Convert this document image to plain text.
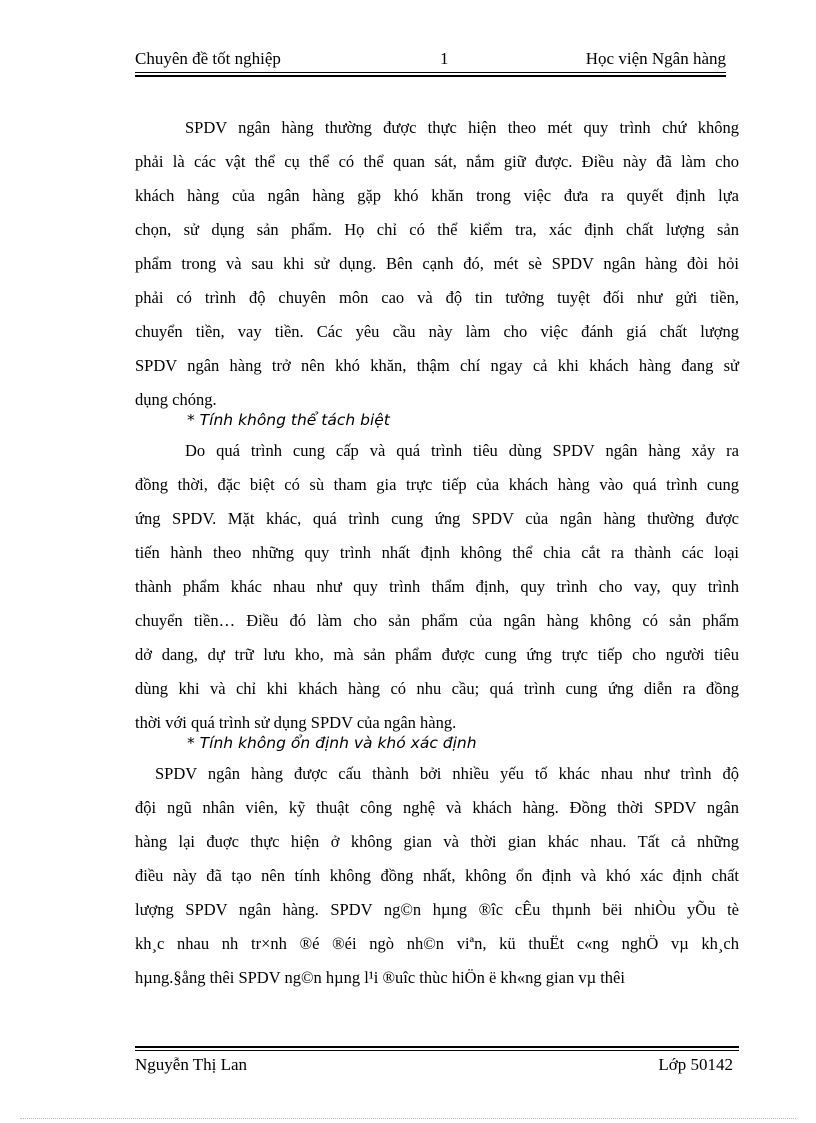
Chuyên đề tốt nghiệp	1	Học viện Ngân hàng
SPDV ngân hàng thường được thực hiện theo mét quy trình chứ không
phải là các vật thể cụ thể có thể quan sát, nắm giữ được. Điều này đã làm cho
khách hàng của ngân hàng gặp khó khăn trong việc đưa ra quyết định lựa
chọn, sử dụng sản phẩm. Họ chỉ có thể kiểm tra, xác định chất lượng sản
phẩm trong và sau khi sử dụng. Bên cạnh đó, mét sè SPDV ngân hàng đòi hỏi
phải có trình độ chuyên môn cao và độ tin tưởng tuyệt đối như gửi tiền,
chuyển tiền, vay tiền. Các yêu cầu này làm cho việc đánh giá chất lượng
SPDV ngân hàng trở nên khó khăn, thậm chí ngay cả khi khách hàng đang sử
dụng chóng.
* Tính không thể tách biệt
Do quá trình cung cấp và quá trình tiêu dùng SPDV ngân hàng xảy ra
đồng thời, đặc biệt có sù tham gia trực tiếp của khách hàng vào quá trình cung
ứng SPDV. Mặt khác, quá trình cung ứng SPDV của ngân hàng thường được
tiến hành theo những quy trình nhất định không thể chia cắt ra thành các loại
thành phẩm khác nhau như quy trình thẩm định, quy trình cho vay, quy trình
chuyển tiền… Điều đó làm cho sản phẩm của ngân hàng không có sản phẩm
dở dang, dự trữ lưu kho, mà sản phẩm được cung ứng trực tiếp cho người tiêu
dùng khi và chỉ khi khách hàng có nhu cầu; quá trình cung ứng diễn ra đồng
thời với quá trình sử dụng SPDV của ngân hàng.
* Tính không ổn định và khó xác định
SPDV ngân hàng được cấu thành bởi nhiều yếu tố khác nhau như trình độ
đội ngũ nhân viên, kỹ thuật công nghệ và khách hàng. Đồng thời SPDV ngân
hàng lại đuợc thực hiện ở không gian và thời gian khác nhau. Tất cả những
điều này đã tạo nên tính không đồng nhất, không ổn định và khó xác định chất
lượng SPDV ngân hàng. SPDV ng©n hµng ®îc cÊu thµnh bëi nhiÒu yÕu tè
kh¸c nhau nh tr×nh ®é ®éi ngò nh©n viªn, kü thuËt c«ng nghÖ vµ kh¸ch
hµng.§ång thêi SPDV ng©n hµng l¹i ®uîc thùc hiÖn ë kh«ng gian vµ thêi
Nguyễn Thị Lan	Lớp 50142
